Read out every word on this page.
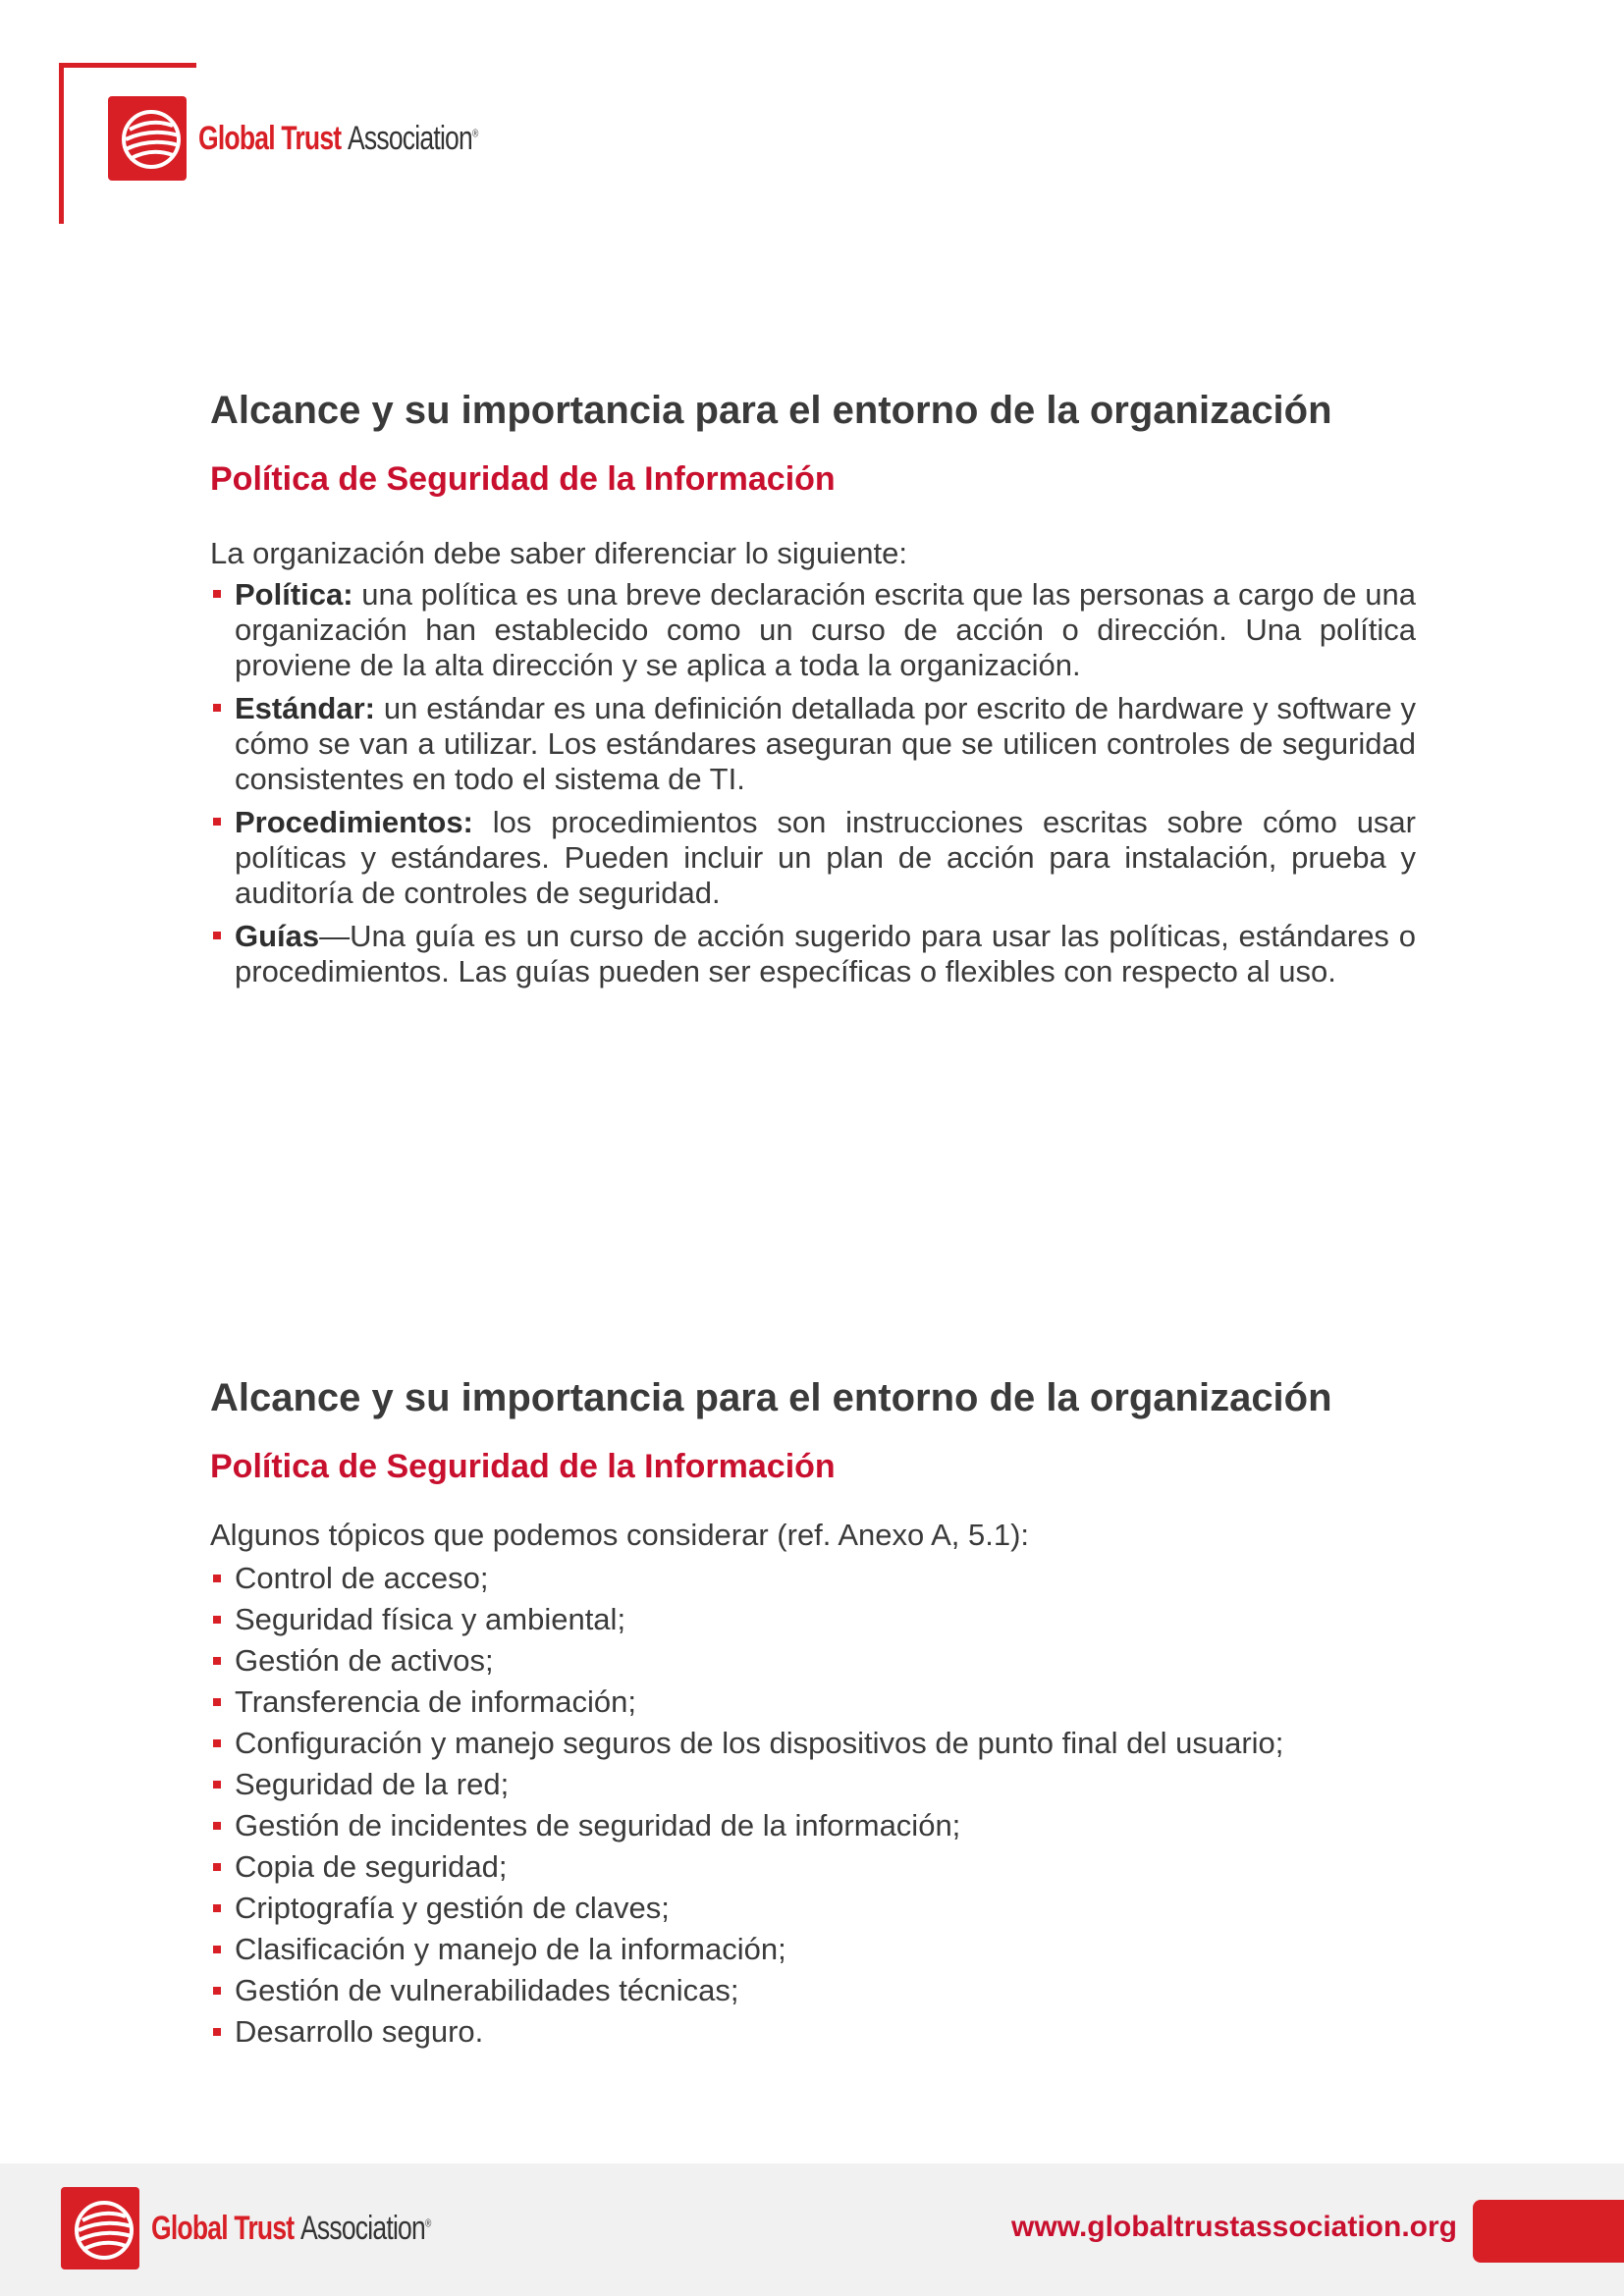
Global Trust Association®
Alcance y su importancia para el entorno de la organización
Política de Seguridad de la Información

La organización debe saber diferenciar lo siguiente:

Política: una política es una breve declaración escrita que las personas a cargo de una organización han establecido como un curso de acción o dirección. Una política proviene de la alta dirección y se aplica a toda la organización.
Estándar: un estándar es una definición detallada por escrito de hardware y software y cómo se van a utilizar. Los estándares aseguran que se utilicen controles de seguridad consistentes en todo el sistema de TI.
Procedimientos: los procedimientos son instrucciones escritas sobre cómo usar políticas y estándares. Pueden incluir un plan de acción para instalación, prueba y auditoría de controles de seguridad.
Guías—Una guía es un curso de acción sugerido para usar las políticas, estándares o procedimientos. Las guías pueden ser específicas o flexibles con respecto al uso.
Alcance y su importancia para el entorno de la organización
Política de Seguridad de la Información

Algunos tópicos que podemos considerar (ref. Anexo A, 5.1):

Control de acceso;
Seguridad física y ambiental;
Gestión de activos;
Transferencia de información;
Configuración y manejo seguros de los dispositivos de punto final del usuario;
Seguridad de la red;
Gestión de incidentes de seguridad de la información;
Copia de seguridad;
Criptografía y gestión de claves;
Clasificación y manejo de la información;
Gestión de vulnerabilidades técnicas;
Desarrollo seguro.
Global Trust Association®	www.globaltrustassociation.org
